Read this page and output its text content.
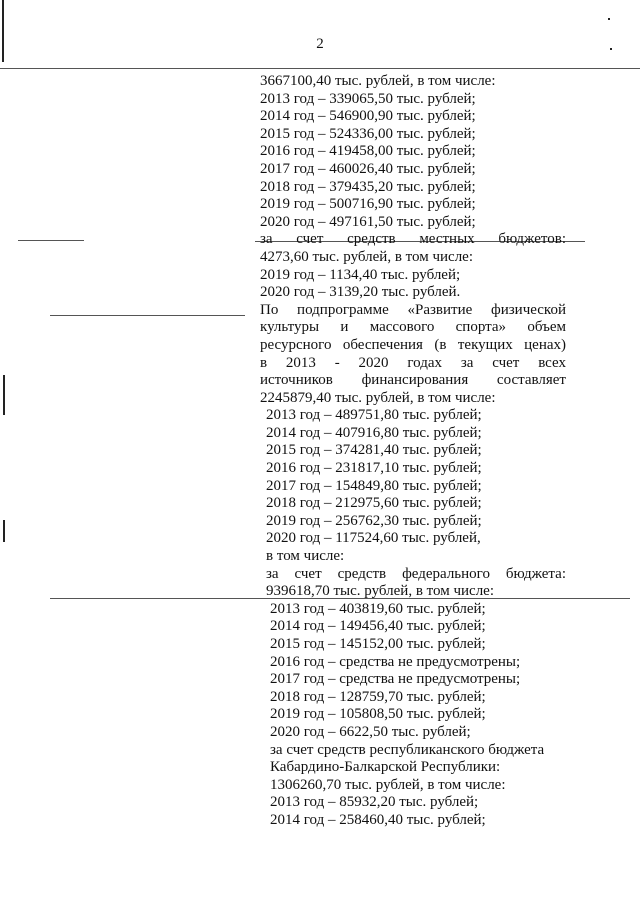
2
3667100,40 тыс. рублей, в том числе:
2013 год – 339065,50 тыс. рублей;
2014 год – 546900,90 тыс. рублей;
2015 год – 524336,00 тыс. рублей;
2016 год – 419458,00 тыс. рублей;
2017 год – 460026,40 тыс. рублей;
2018 год – 379435,20 тыс. рублей;
2019 год – 500716,90 тыс. рублей;
2020 год – 497161,50 тыс. рублей;
за счет средств местных бюджетов:
4273,60 тыс. рублей, в том числе:
2019 год – 1134,40 тыс. рублей;
2020 год – 3139,20 тыс. рублей.
По подпрограмме «Развитие физической
культуры и массового спорта» объем
ресурсного обеспечения (в текущих ценах)
в 2013 - 2020 годах за счет всех
источников финансирования составляет
2245879,40 тыс. рублей, в том числе:
2013 год – 489751,80 тыс. рублей;
2014 год – 407916,80 тыс. рублей;
2015 год – 374281,40 тыс. рублей;
2016 год – 231817,10 тыс. рублей;
2017 год – 154849,80 тыс. рублей;
2018 год – 212975,60 тыс. рублей;
2019 год – 256762,30 тыс. рублей;
2020 год – 117524,60 тыс. рублей,
в том числе:
за счет средств федерального бюджета:
939618,70 тыс. рублей, в том числе:
2013 год – 403819,60 тыс. рублей;
2014 год – 149456,40 тыс. рублей;
2015 год – 145152,00 тыс. рублей;
2016 год – средства не предусмотрены;
2017 год – средства не предусмотрены;
2018 год – 128759,70 тыс. рублей;
2019 год – 105808,50 тыс. рублей;
2020 год – 6622,50 тыс. рублей;
за счет средств республиканского бюджета
Кабардино-Балкарской Республики:
1306260,70 тыс. рублей, в том числе:
2013 год – 85932,20 тыс. рублей;
2014 год – 258460,40 тыс. рублей;
